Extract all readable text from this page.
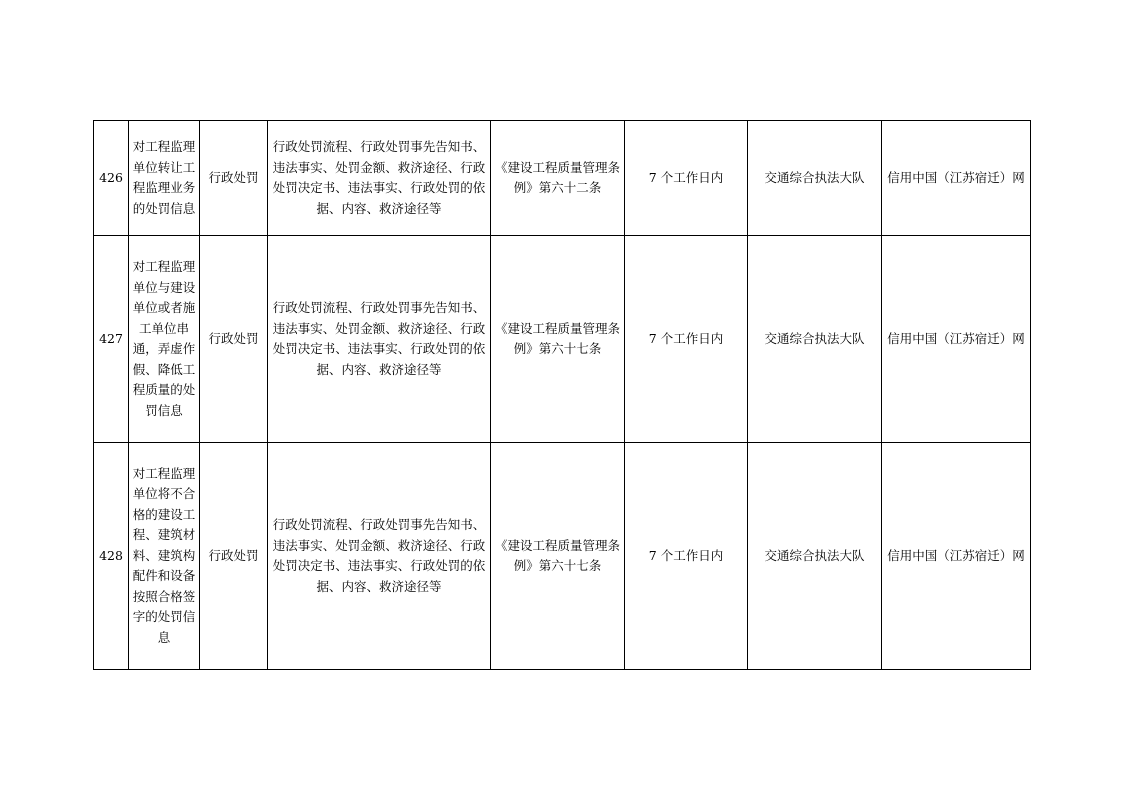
426	对工程监理单位转让工程监理业务的处罚信息	行政处罚	行政处罚流程、行政处罚事先告知书、违法事实、处罚金额、救济途径、行政处罚决定书、违法事实、行政处罚的依据、内容、救济途径等	《建设工程质量管理条例》第六十二条	7 个工作日内	交通综合执法大队	信用中国（江苏宿迁）网
427	对工程监理单位与建设单位或者施工单位串通，弄虚作假、降低工程质量的处罚信息	行政处罚	行政处罚流程、行政处罚事先告知书、违法事实、处罚金额、救济途径、行政处罚决定书、违法事实、行政处罚的依据、内容、救济途径等	《建设工程质量管理条例》第六十七条	7 个工作日内	交通综合执法大队	信用中国（江苏宿迁）网
428	对工程监理单位将不合格的建设工程、建筑材料、建筑构配件和设备按照合格签字的处罚信息	行政处罚	行政处罚流程、行政处罚事先告知书、违法事实、处罚金额、救济途径、行政处罚决定书、违法事实、行政处罚的依据、内容、救济途径等	《建设工程质量管理条例》第六十七条	7 个工作日内	交通综合执法大队	信用中国（江苏宿迁）网
